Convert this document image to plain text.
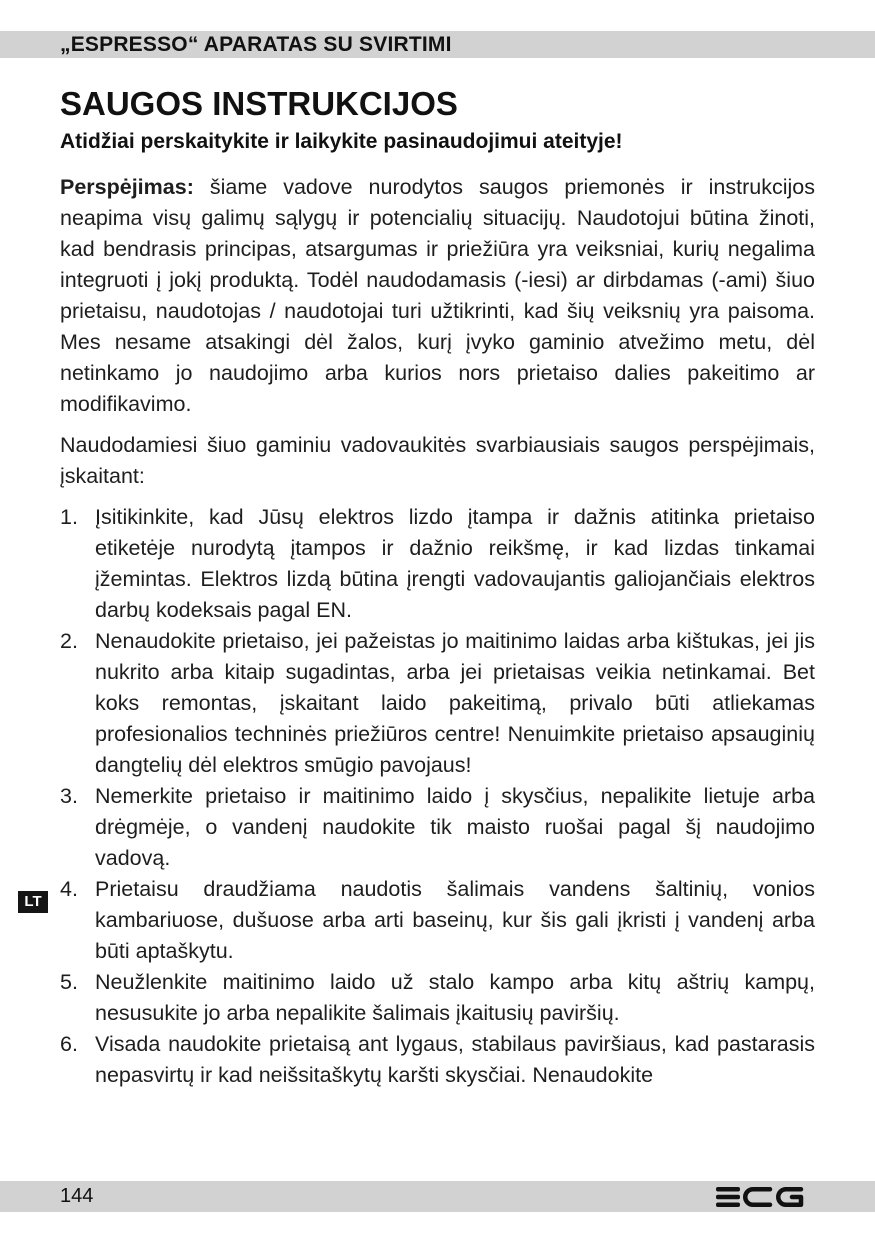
„ESPRESSO“ APARATAS SU SVIRTIMI
SAUGOS INSTRUKCIJOS
Atidžiai perskaitykite ir laikykite pasinaudojimui ateityje!

Perspėjimas: šiame vadove nurodytos saugos priemonės ir instrukcijos neapima visų galimų sąlygų ir potencialių situacijų. Naudotojui būtina žinoti, kad bendrasis principas, atsargumas ir priežiūra yra veiksniai, kurių negalima integruoti į jokį produktą. Todėl naudodamasis (-iesi) ar dirbdamas (-ami) šiuo prietaisu, naudotojas / naudotojai turi užtikrinti, kad šių veiksnių yra paisoma. Mes nesame atsakingi dėl žalos, kurį įvyko gaminio atvežimo metu, dėl netinkamo jo naudojimo arba kurios nors prietaiso dalies pakeitimo ar modifikavimo.

Naudodamiesi šiuo gaminiu vadovaukitės svarbiausiais saugos perspėjimais, įskaitant:

1. Įsitikinkite, kad Jūsų elektros lizdo įtampa ir dažnis atitinka prietaiso etiketėje nurodytą įtampos ir dažnio reikšmę, ir kad lizdas tinkamai įžemintas. Elektros lizdą būtina įrengti vadovaujantis galiojančiais elektros darbų kodeksais pagal EN.
2. Nenaudokite prietaiso, jei pažeistas jo maitinimo laidas arba kištukas, jei jis nukrito arba kitaip sugadintas, arba jei prietaisas veikia netinkamai. Bet koks remontas, įskaitant laido pakeitimą, privalo būti atliekamas profesionalios techninės priežiūros centre! Nenuimkite prietaiso apsauginių dangtelių dėl elektros smūgio pavojaus!
3. Nemerkite prietaiso ir maitinimo laido į skysčius, nepalikite lietuje arba drėgmėje, o vandenį naudokite tik maisto ruošai pagal šį naudojimo vadovą.
4. Prietaisu draudžiama naudotis šalimais vandens šaltinių, vonios kambariuose, dušuose arba arti baseinų, kur šis gali įkristi į vandenį arba būti aptaškytu.
5. Neužlenkite maitinimo laido už stalo kampo arba kitų aštrių kampų, nesusukite jo arba nepalikite šalimais įkaitusių paviršių.
6. Visada naudokite prietaisą ant lygaus, stabilaus paviršiaus, kad pastarasis nepasvirtų ir kad neišsitaškytų karšti skysčiai. Nenaudokite
LT
144
